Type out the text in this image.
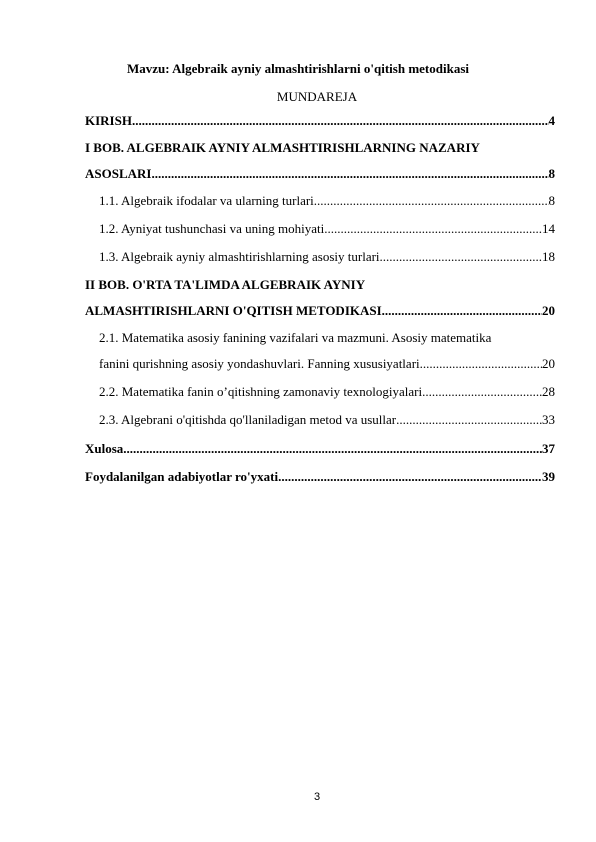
Mavzu: Algebraik ayniy almashtirishlarni o'qitish metodikasi
MUNDAREJA
KIRISH .....	4
I BOB. ALGEBRAIK AYNIY ALMASHTIRISHLARNING NAZARIY
ASOSLARI .....	8
1.1. Algebraik ifodalar va ularning turlari .....	8
1.2. Ayniyat tushunchasi va uning mohiyati .....	14
1.3. Algebraik ayniy almashtirishlarning asosiy turlari .....	18
II BOB. O'RTA TA'LIMDA ALGEBRAIK AYNIY
ALMASHTIRISHLARNI O'QITISH METODIKASI .....	20
2.1. Matematika asosiy fanining vazifalari va mazmuni. Asosiy matematika
fanini qurishning asosiy yondashuvlari. Fanning xususiyatlari .....	20
2.2. Matematika fanin o’qitishning zamonaviy texnologiyalari .....	28
2.3. Algebrani o'qitishda qo'llaniladigan metod va usullar .....	33
Xulosa .....	37
Foydalanilgan adabiyotlar ro'yxati .....	39
3
